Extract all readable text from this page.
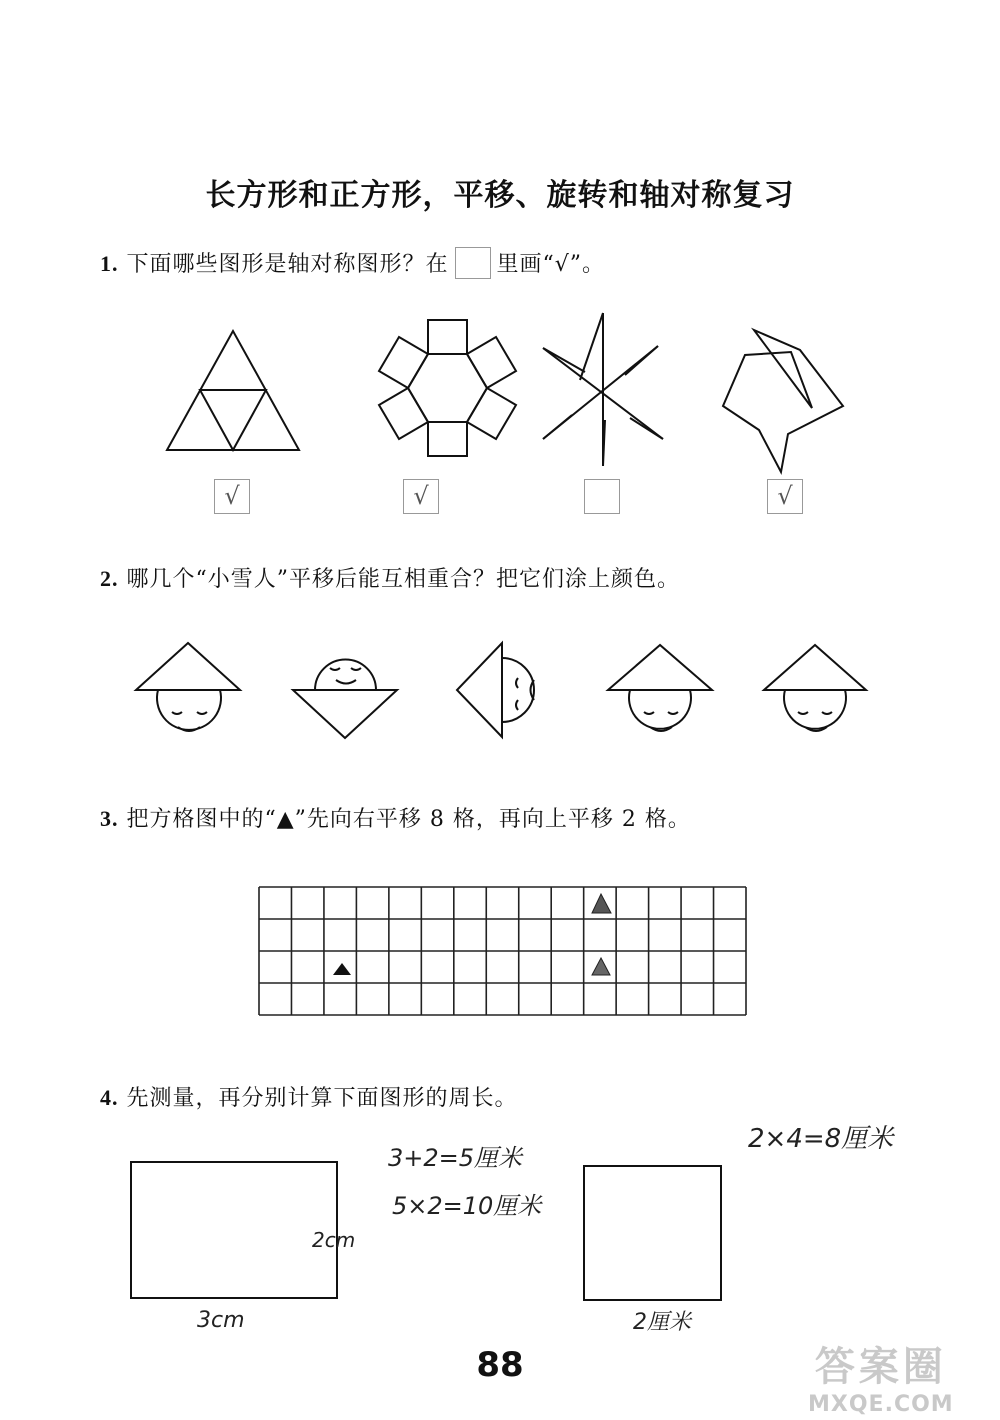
长方形和正方形，平移、旋转和轴对称复习
1. 下面哪些图形是轴对称图形？在 里画“√”。
√	√	√
2. 哪几个“小雪人”平移后能互相重合？把它们涂上颜色。
3. 把方格图中的“▲”先向右平移 8 格，再向上平移 2 格。
4. 先测量，再分别计算下面图形的周长。
2cm
3cm
3+2=5厘米
5×2=10厘米
2×4=8厘米
2厘米
88	答案圈
MXQE.COM
